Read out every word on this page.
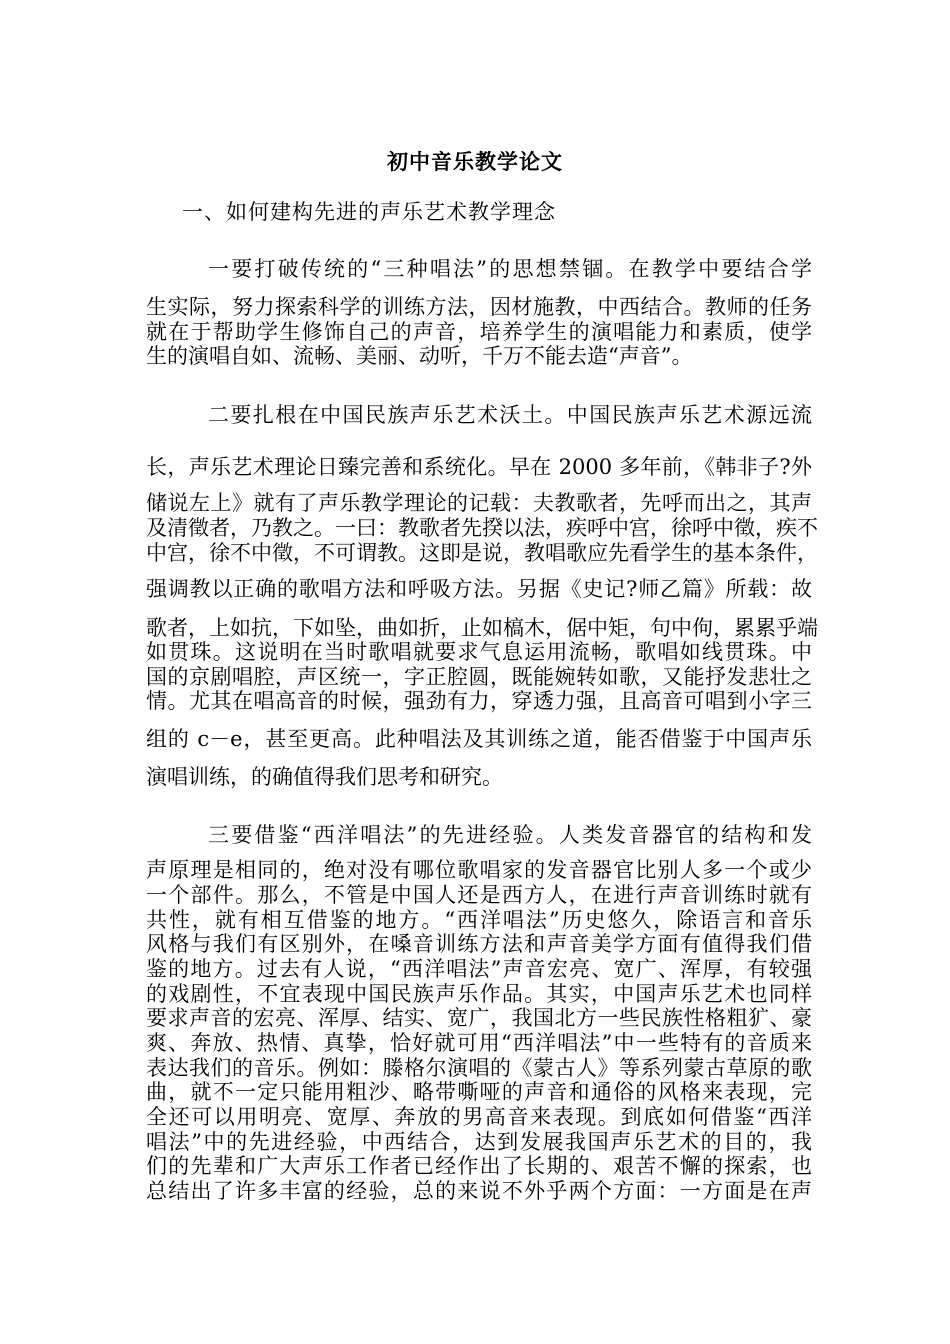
初中音乐教学论文
一、如何建构先进的声乐艺术教学理念
一要打破传统的“三种唱法”的思想禁锢。在教学中要结合学
生实际，努力探索科学的训练方法，因材施教，中西结合。教师的任务
就在于帮助学生修饰自己的声音，培养学生的演唱能力和素质，使学
生的演唱自如、流畅、美丽、动听，千万不能去造“声音”。
二要扎根在中国民族声乐艺术沃土。中国民族声乐艺术源远流
长，声乐艺术理论日臻完善和系统化。早在 2000 多年前，《韩非子?外
储说左上》就有了声乐教学理论的记载：夫教歌者，先呼而出之，其声
及清徵者，乃教之。一曰：教歌者先揆以法，疾呼中宫，徐呼中徵，疾不
中宫，徐不中徵，不可谓教。这即是说，教唱歌应先看学生的基本条件，
强调教以正确的歌唱方法和呼吸方法。另据《史记?师乙篇》所载：故
歌者，上如抗，下如坠，曲如折，止如槁木，倨中矩，句中佝，累累乎端
如贯珠。这说明在当时歌唱就要求气息运用流畅，歌唱如线贯珠。中
国的京剧唱腔，声区统一，字正腔圆，既能婉转如歌，又能抒发悲壮之
情。尤其在唱高音的时候，强劲有力，穿透力强，且高音可唱到小字三
组的 c－e，甚至更高。此种唱法及其训练之道，能否借鉴于中国声乐
演唱训练，的确值得我们思考和研究。
三要借鉴“西洋唱法”的先进经验。人类发音器官的结构和发
声原理是相同的，绝对没有哪位歌唱家的发音器官比别人多一个或少
一个部件。那么，不管是中国人还是西方人，在进行声音训练时就有
共性，就有相互借鉴的地方。“西洋唱法”历史悠久，除语言和音乐
风格与我们有区别外，在嗓音训练方法和声音美学方面有值得我们借
鉴的地方。过去有人说，“西洋唱法”声音宏亮、宽广、浑厚，有较强
的戏剧性，不宜表现中国民族声乐作品。其实，中国声乐艺术也同样
要求声音的宏亮、浑厚、结实、宽广，我国北方一些民族性格粗犷、豪
爽、奔放、热情、真挚，恰好就可用“西洋唱法”中一些特有的音质来
表达我们的音乐。例如：滕格尔演唱的《蒙古人》等系列蒙古草原的歌
曲，就不一定只能用粗沙、略带嘶哑的声音和通俗的风格来表现，完
全还可以用明亮、宽厚、奔放的男高音来表现。到底如何借鉴“西洋
唱法”中的先进经验，中西结合，达到发展我国声乐艺术的目的，我
们的先辈和广大声乐工作者已经作出了长期的、艰苦不懈的探索，也
总结出了许多丰富的经验，总的来说不外乎两个方面：一方面是在声
